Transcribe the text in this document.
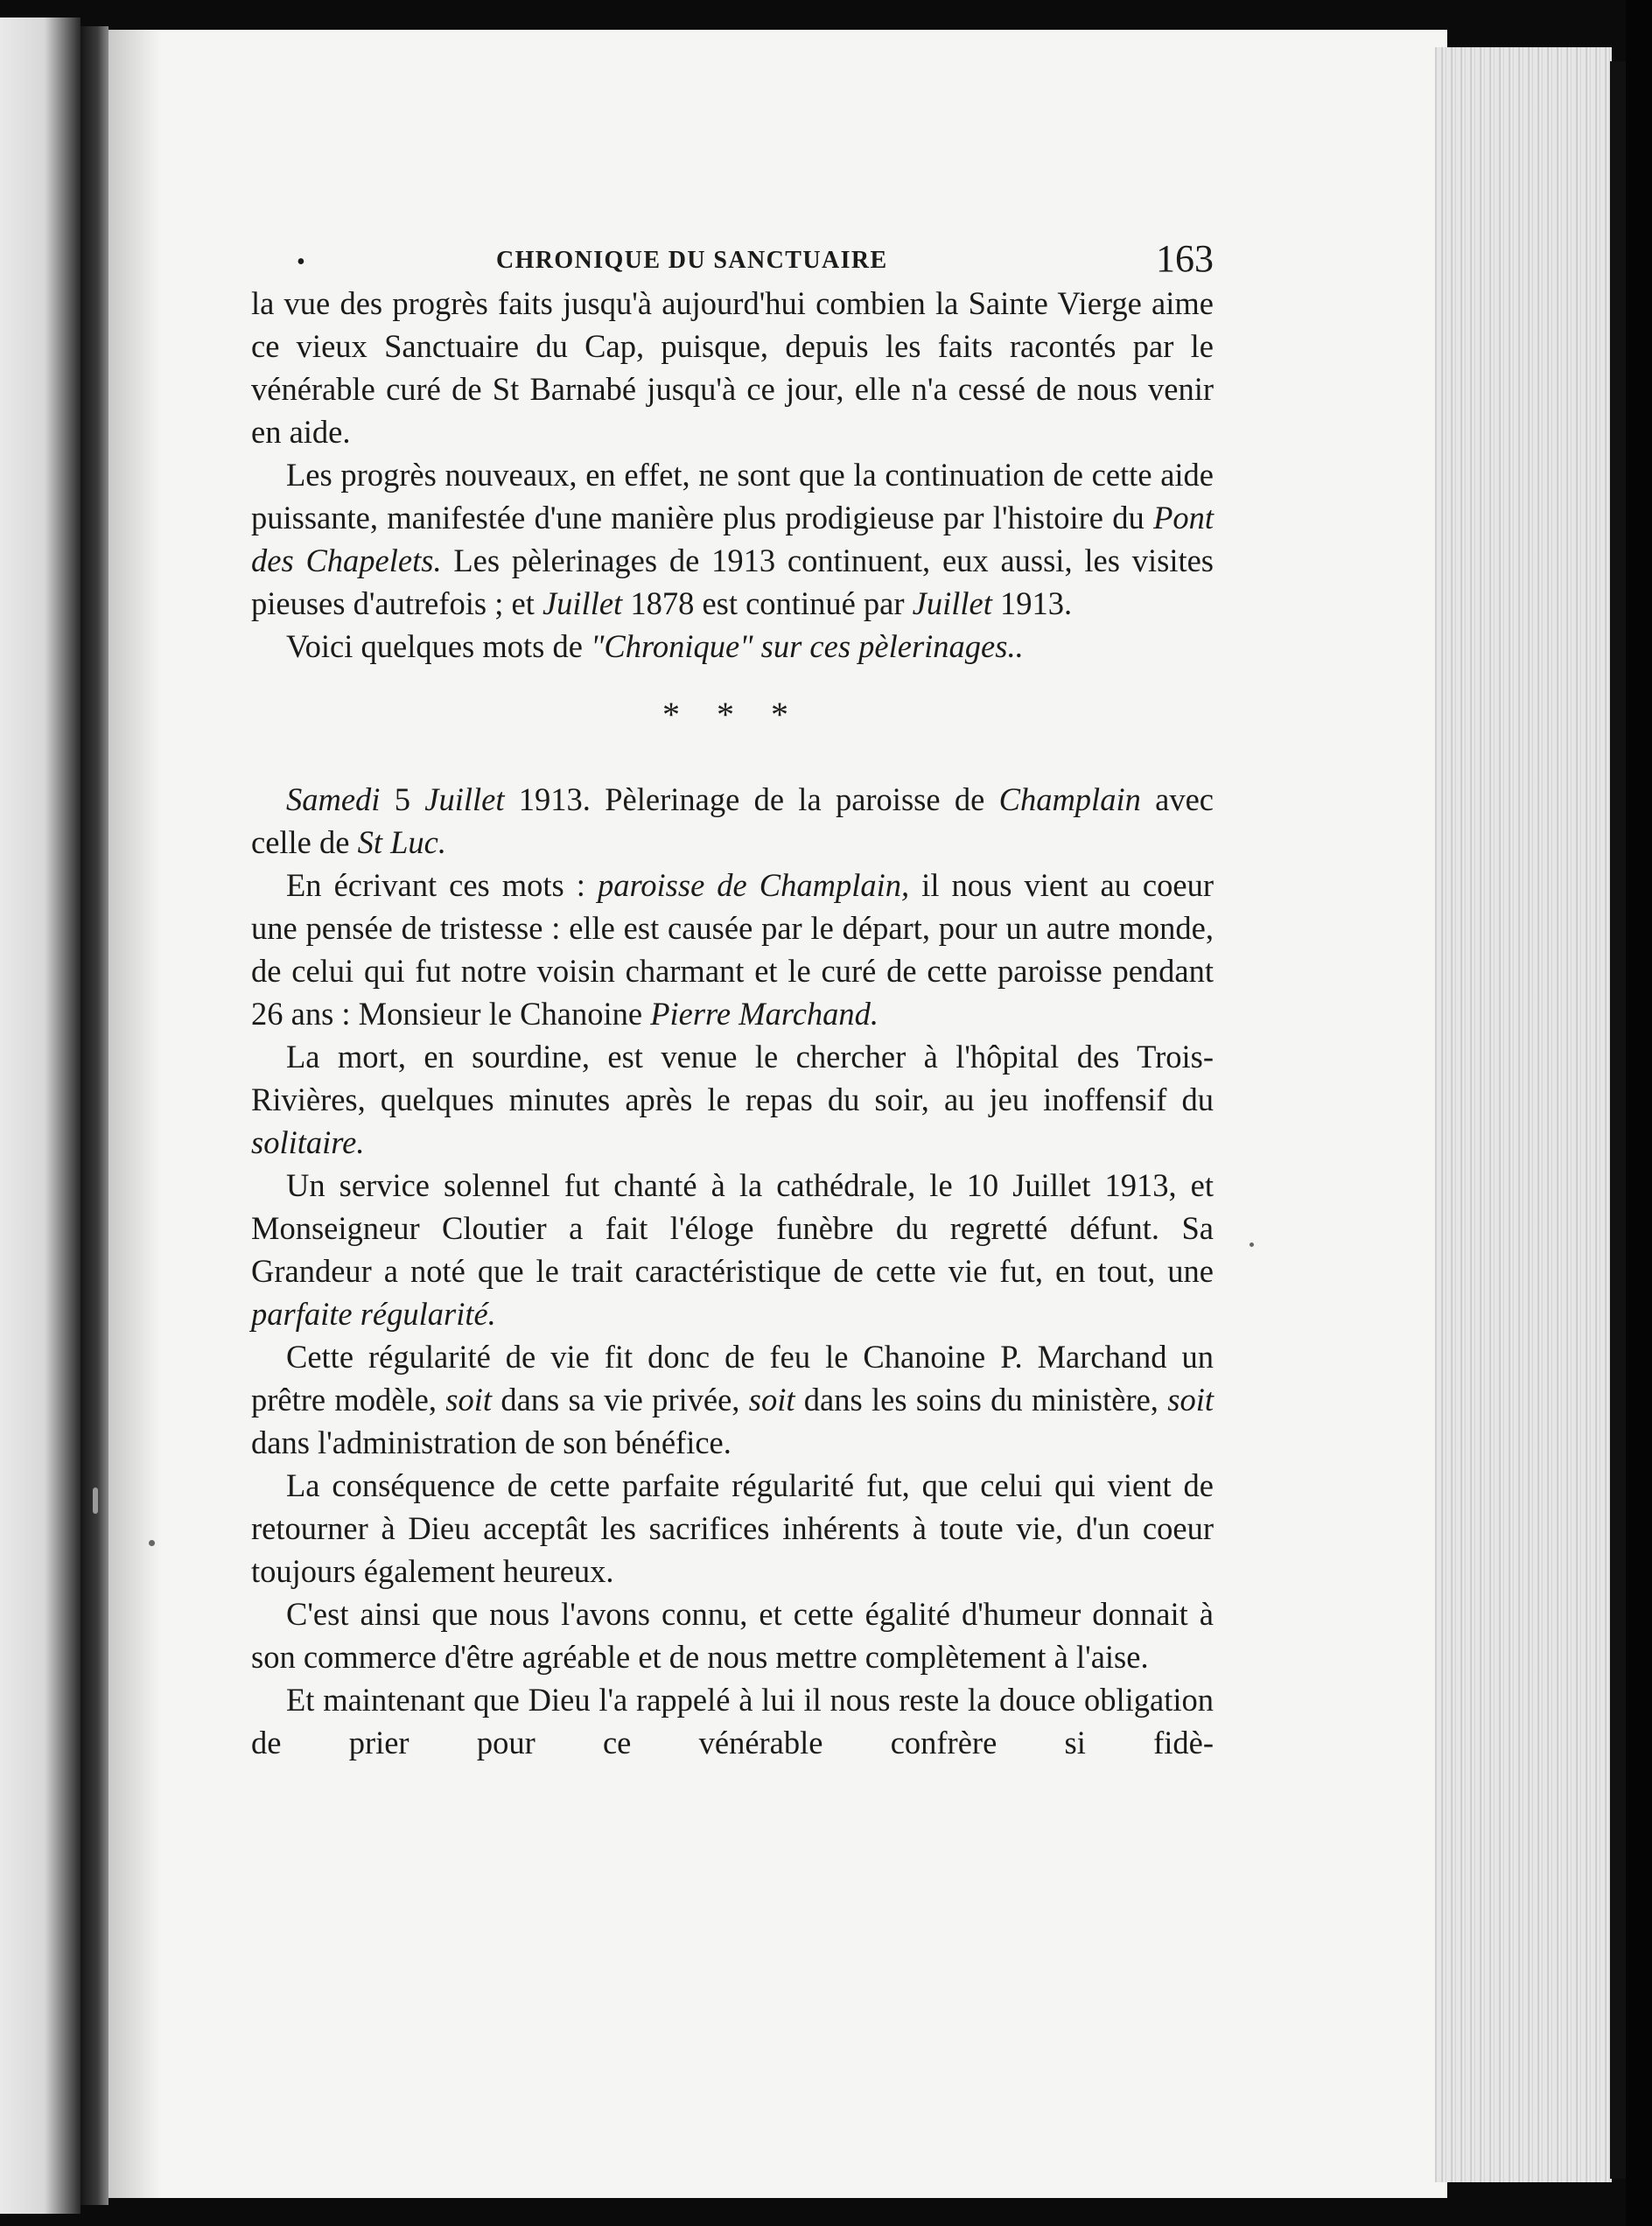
•	CHRONIQUE DU SANCTUAIRE	163

la vue des progrès faits jusqu'à aujourd'hui combien la Sainte Vierge aime ce vieux Sanctuaire du Cap, puisque, depuis les faits racontés par le vénérable curé de St Barnabé jusqu'à ce jour, elle n'a cessé de nous venir en aide.

Les progrès nouveaux, en effet, ne sont que la continuation de cette aide puissante, manifestée d'une manière plus prodigieuse par l'histoire du Pont des Chapelets. Les pèlerinages de 1913 continuent, eux aussi, les visites pieuses d'autrefois ; et Juillet 1878 est continué par Juillet 1913.

Voici quelques mots de "Chronique" sur ces pèlerinages..

* * *

Samedi 5 Juillet 1913. Pèlerinage de la paroisse de Champlain avec celle de St Luc.

En écrivant ces mots : paroisse de Champlain, il nous vient au coeur une pensée de tristesse : elle est causée par le départ, pour un autre monde, de celui qui fut notre voisin charmant et le curé de cette paroisse pendant 26 ans : Monsieur le Chanoine Pierre Marchand.

La mort, en sourdine, est venue le chercher à l'hôpital des Trois-Rivières, quelques minutes après le repas du soir, au jeu inoffensif du solitaire.

Un service solennel fut chanté à la cathédrale, le 10 Juillet 1913, et Monseigneur Cloutier a fait l'éloge funèbre du regretté défunt. Sa Grandeur a noté que le trait caractéristique de cette vie fut, en tout, une parfaite régularité.

Cette régularité de vie fit donc de feu le Chanoine P. Marchand un prêtre modèle, soit dans sa vie privée, soit dans les soins du ministère, soit dans l'administration de son bénéfice.

La conséquence de cette parfaite régularité fut, que celui qui vient de retourner à Dieu acceptât les sacrifices inhérents à toute vie, d'un coeur toujours également heureux.

C'est ainsi que nous l'avons connu, et cette égalité d'humeur donnait à son commerce d'être agréable et de nous mettre complètement à l'aise.

Et maintenant que Dieu l'a rappelé à lui il nous reste la douce obligation de prier pour ce vénérable confrère si fidè-
